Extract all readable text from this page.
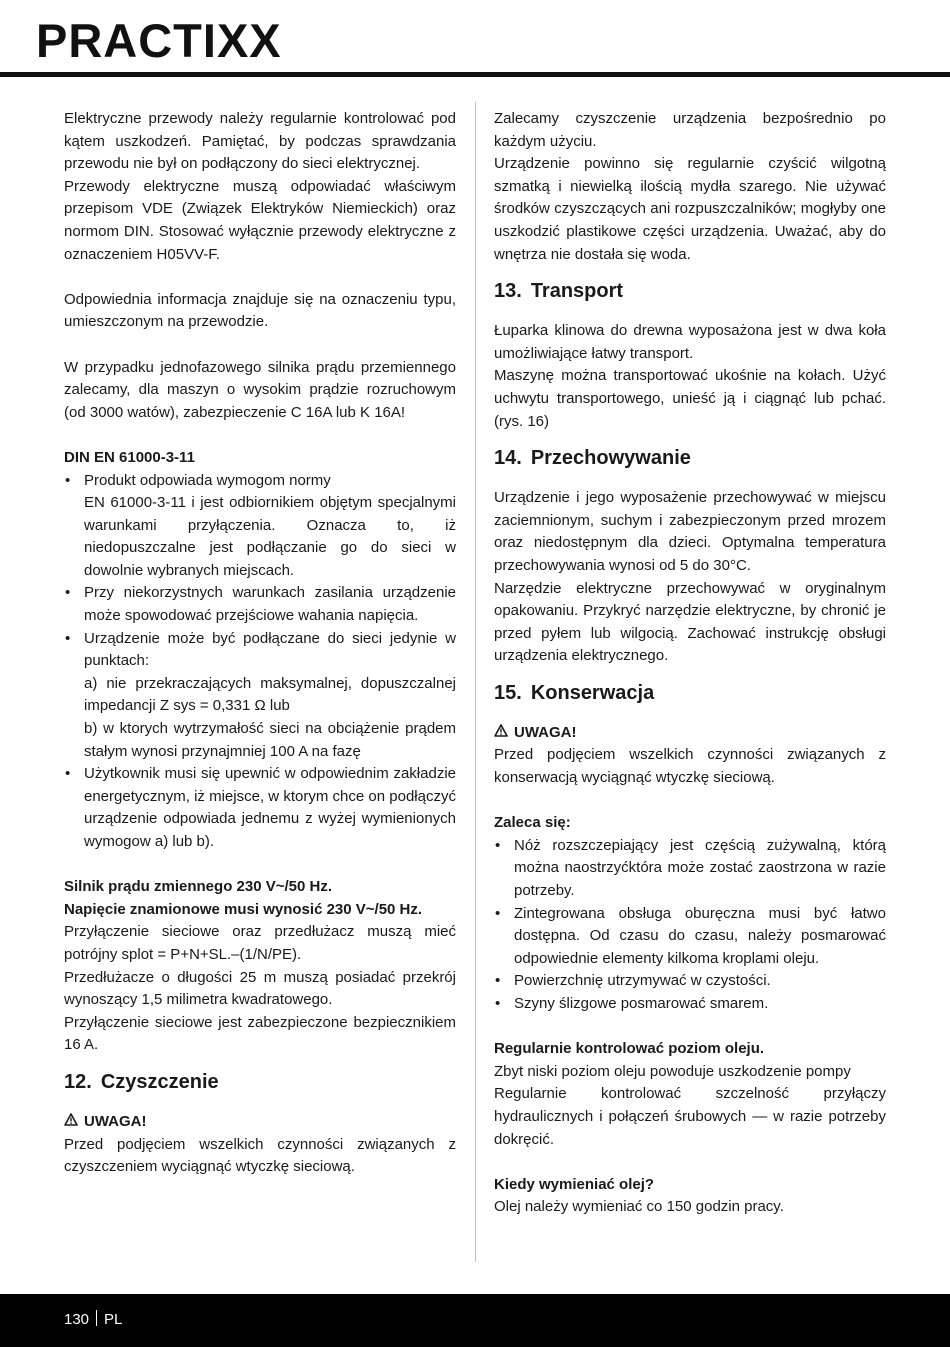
PRACTIXX

Elektryczne przewody należy regularnie kontrolować pod kątem uszkodzeń. Pamiętać, by podczas sprawdzania przewodu nie był on podłączony do sieci elektrycznej.

Przewody elektryczne muszą odpowiadać właściwym przepisom VDE (Związek Elektryków Niemieckich) oraz normom DIN. Stosować wyłącznie przewody elektryczne z oznaczeniem H05VV-F.

Odpowiednia informacja znajduje się na oznaczeniu typu, umieszczonym na przewodzie.

W przypadku jednofazowego silnika prądu przemiennego zalecamy, dla maszyn o wysokim prądzie rozruchowym (od 3000 watów), zabezpieczenie C 16A lub K 16A!

DIN EN 61000-3-11

• Produkt odpowiada wymogom normy
EN 61000-3-11 i jest odbiornikiem objętym specjalnymi warunkami przyłączenia. Oznacza to, iż niedopuszczalne jest podłączanie go do sieci w dowolnie wybranych miejscach.
• Przy niekorzystnych warunkach zasilania urządzenie może spowodować przejściowe wahania napięcia.
• Urządzenie może być podłączane do sieci jedynie w punktach:
a) nie przekraczających maksymalnej, dopuszczalnej impedancji Z sys = 0,331 Ω lub
b) w ktorych wytrzymałość sieci na obciążenie prądem stałym wynosi przynajmniej 100 A na fazę
• Użytkownik musi się upewnić w odpowiednim zakładzie energetycznym, iż miejsce, w ktorym chce on podłączyć urządzenie odpowiada jednemu z wyżej wymienionych wymogow a) lub b).

Silnik prądu zmiennego 230 V~/50 Hz.

Napięcie znamionowe musi wynosić 230 V~/50 Hz.

Przyłączenie sieciowe oraz przedłużacz muszą mieć potrójny splot = P+N+SL.–(1/N/PE).

Przedłużacze o długości 25 m muszą posiadać przekrój wynoszący 1,5 milimetra kwadratowego.

Przyłączenie sieciowe jest zabezpieczone bezpiecznikiem 16 A.

12. Czyszczenie

UWAGA!

Przed podjęciem wszelkich czynności związanych z czyszczeniem wyciągnąć wtyczkę sieciową.

Zalecamy czyszczenie urządzenia bezpośrednio po każdym użyciu.

Urządzenie powinno się regularnie czyścić wilgotną szmatką i niewielką ilością mydła szarego. Nie używać środków czyszczących ani rozpuszczalników; mogłyby one uszkodzić plastikowe części urządzenia. Uważać, aby do wnętrza nie dostała się woda.

13. Transport

Łuparka klinowa do drewna wyposażona jest w dwa koła umożliwiające łatwy transport.

Maszynę można transportować ukośnie na kołach. Użyć uchwytu transportowego, unieść ją i ciągnąć lub pchać. (rys. 16)

14. Przechowywanie

Urządzenie i jego wyposażenie przechowywać w miejscu zaciemnionym, suchym i zabezpieczonym przed mrozem oraz niedostępnym dla dzieci. Optymalna temperatura przechowywania wynosi od 5 do 30°C.

Narzędzie elektryczne przechowywać w oryginalnym opakowaniu. Przykryć narzędzie elektryczne, by chronić je przed pyłem lub wilgocią. Zachować instrukcję obsługi urządzenia elektrycznego.

15. Konserwacja

UWAGA!

Przed podjęciem wszelkich czynności związanych z konserwacją wyciągnąć wtyczkę sieciową.

Zaleca się:

• Nóż rozszczepiający jest częścią zużywalną, którą można naostrzyćktóra może zostać zaostrzona w razie potrzeby.
• Zintegrowana obsługa oburęczna musi być łatwo dostępna. Od czasu do czasu, należy posmarować odpowiednie elementy kilkoma kroplami oleju.
• Powierzchnię utrzymywać w czystości.
• Szyny ślizgowe posmarować smarem.

Regularnie kontrolować poziom oleju.

Zbyt niski poziom oleju powoduje uszkodzenie pompy

Regularnie kontrolować szczelność przyłączy hydraulicznych i połączeń śrubowych — w razie potrzeby dokręcić.

Kiedy wymieniać olej?

Olej należy wymieniać co 150 godzin pracy.

130 PL
